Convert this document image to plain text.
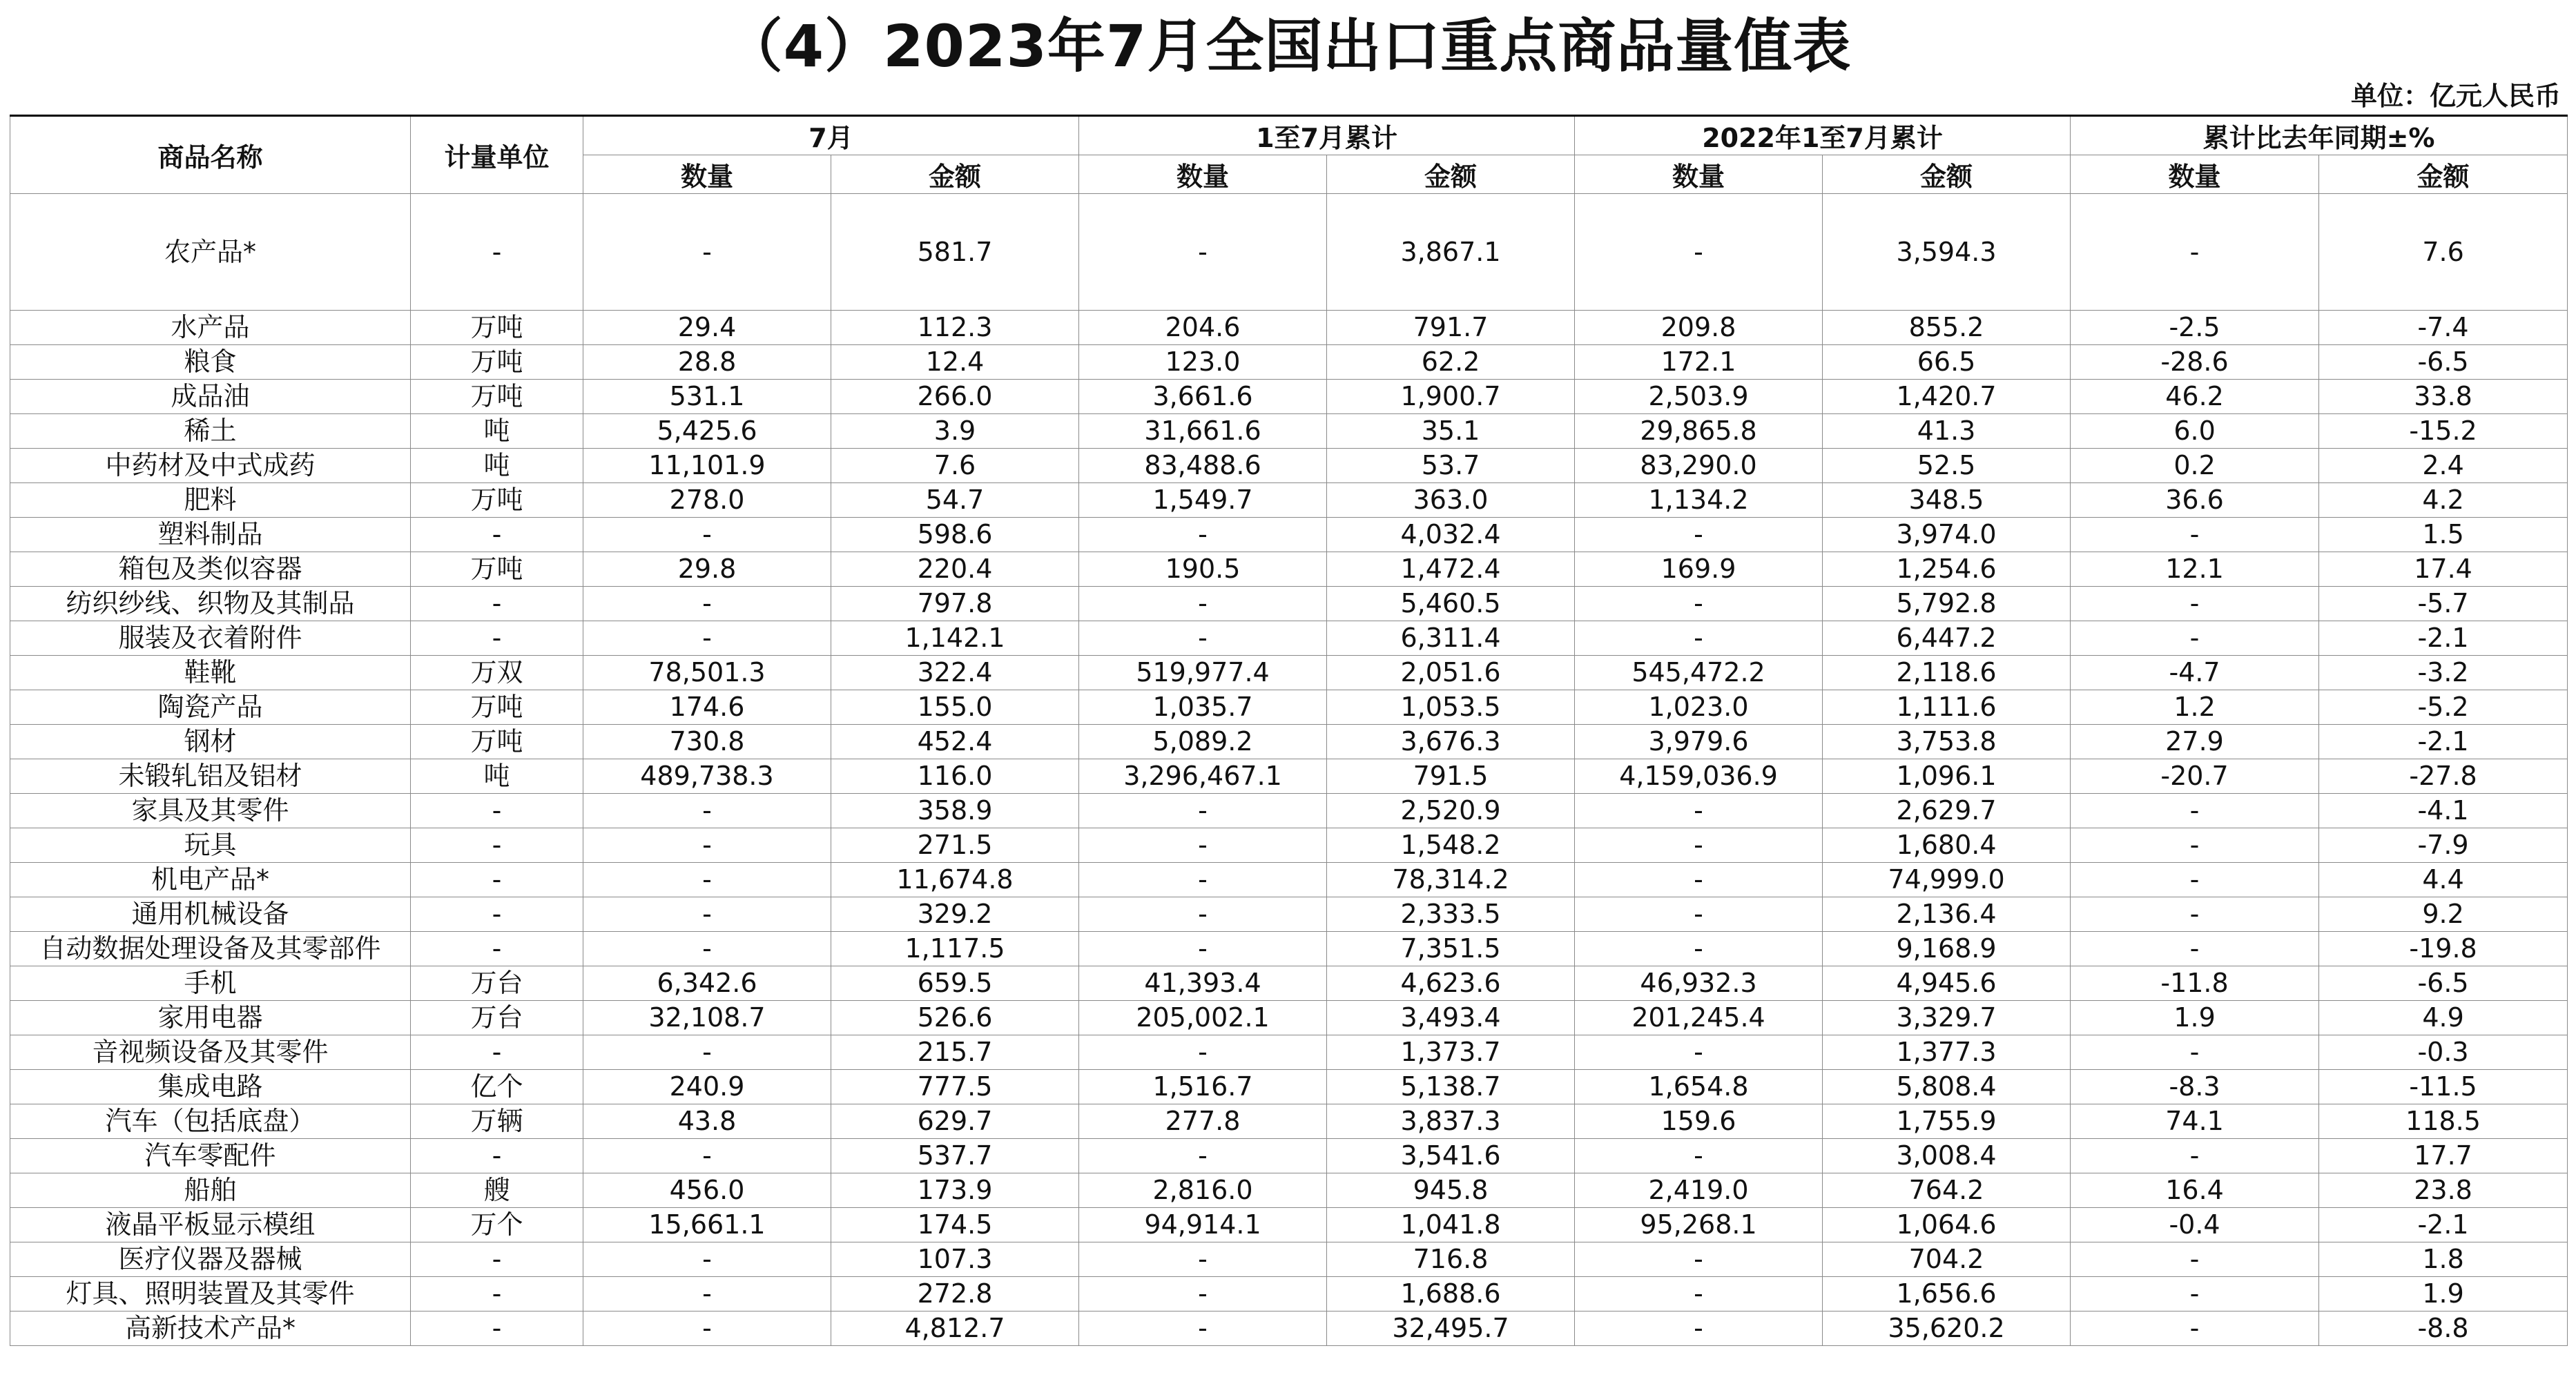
（4）2023年7月全国出口重点商品量值表
单位：亿元人民币
商品名称	计量单位	7月		1至7月累计		2022年1至7月累计		累计比去年同期±%	
		数量	金额	数量	金额	数量	金额	数量	金额
农产品*	-	-	581.7	-	3,867.1	-	3,594.3	-	7.6
水产品	万吨	29.4	112.3	204.6	791.7	209.8	855.2	-2.5	-7.4
粮食	万吨	28.8	12.4	123.0	62.2	172.1	66.5	-28.6	-6.5
成品油	万吨	531.1	266.0	3,661.6	1,900.7	2,503.9	1,420.7	46.2	33.8
稀土	吨	5,425.6	3.9	31,661.6	35.1	29,865.8	41.3	6.0	-15.2
中药材及中式成药	吨	11,101.9	7.6	83,488.6	53.7	83,290.0	52.5	0.2	2.4
肥料	万吨	278.0	54.7	1,549.7	363.0	1,134.2	348.5	36.6	4.2
塑料制品	-	-	598.6	-	4,032.4	-	3,974.0	-	1.5
箱包及类似容器	万吨	29.8	220.4	190.5	1,472.4	169.9	1,254.6	12.1	17.4
纺织纱线、织物及其制品	-	-	797.8	-	5,460.5	-	5,792.8	-	-5.7
服装及衣着附件	-	-	1,142.1	-	6,311.4	-	6,447.2	-	-2.1
鞋靴	万双	78,501.3	322.4	519,977.4	2,051.6	545,472.2	2,118.6	-4.7	-3.2
陶瓷产品	万吨	174.6	155.0	1,035.7	1,053.5	1,023.0	1,111.6	1.2	-5.2
钢材	万吨	730.8	452.4	5,089.2	3,676.3	3,979.6	3,753.8	27.9	-2.1
未锻轧铝及铝材	吨	489,738.3	116.0	3,296,467.1	791.5	4,159,036.9	1,096.1	-20.7	-27.8
家具及其零件	-	-	358.9	-	2,520.9	-	2,629.7	-	-4.1
玩具	-	-	271.5	-	1,548.2	-	1,680.4	-	-7.9
机电产品*	-	-	11,674.8	-	78,314.2	-	74,999.0	-	4.4
通用机械设备	-	-	329.2	-	2,333.5	-	2,136.4	-	9.2
自动数据处理设备及其零部件	-	-	1,117.5	-	7,351.5	-	9,168.9	-	-19.8
手机	万台	6,342.6	659.5	41,393.4	4,623.6	46,932.3	4,945.6	-11.8	-6.5
家用电器	万台	32,108.7	526.6	205,002.1	3,493.4	201,245.4	3,329.7	1.9	4.9
音视频设备及其零件	-	-	215.7	-	1,373.7	-	1,377.3	-	-0.3
集成电路	亿个	240.9	777.5	1,516.7	5,138.7	1,654.8	5,808.4	-8.3	-11.5
汽车（包括底盘）	万辆	43.8	629.7	277.8	3,837.3	159.6	1,755.9	74.1	118.5
汽车零配件	-	-	537.7	-	3,541.6	-	3,008.4	-	17.7
船舶	艘	456.0	173.9	2,816.0	945.8	2,419.0	764.2	16.4	23.8
液晶平板显示模组	万个	15,661.1	174.5	94,914.1	1,041.8	95,268.1	1,064.6	-0.4	-2.1
医疗仪器及器械	-	-	107.3	-	716.8	-	704.2	-	1.8
灯具、照明装置及其零件	-	-	272.8	-	1,688.6	-	1,656.6	-	1.9
高新技术产品*	-	-	4,812.7	-	32,495.7	-	35,620.2	-	-8.8
